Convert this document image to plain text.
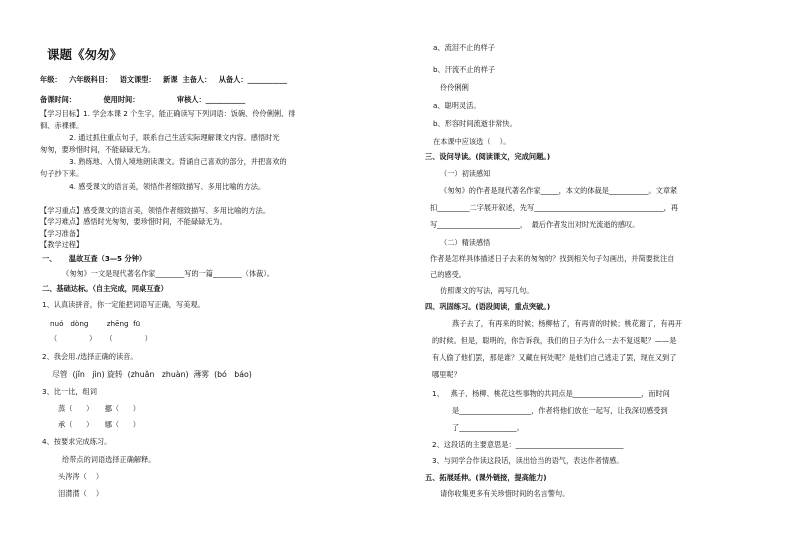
课题《匆匆》
年级：   六年级科目：   语文课型：   新课  主备人：   从备人：___________
备课时间：           使用时间：               审核人：___________
【学习目标】1. 学会本课 2 个生字，能正确读写下列词语：饭碗、伶伶俐俐、徘
徊、赤裸裸。
2. 通过抓住重点句子，联系自己生活实际理解课文内容。感悟时光
匆匆，要珍惜时间，不能碌碌无为。
3. 熟练地、入情入境地朗读课文。背诵自己喜欢的部分，并把喜欢的
句子抄下来。
4. 感受课文的语言美，领悟作者细致描写、多用比喻的方法。
【学习重点】感受课文的语言美，领悟作者细致描写、多用比喻的方法。
【学习难点】感悟时光匆匆，要珍惜时间，不能碌碌无为。
【学习准备】
【教学过程】
一、     温故互查（3—5 分钟）
《匆匆》一文是现代著名作家________写的一篇________（体裁）。
二、基础达标。（自主完成，同桌互查）
1、认真读拼音，你一定能把词语写正确，写美观。
nuó   dòng        zhēng  fū
（              ）    （              ）
2、我会用./选择正确的读音。
尽管  (jǐn   jìn) 旋转  (zhuǎn   zhuàn)  薄雾  (bó   báo)
3、比一比，组词
蒸（      ）     挪（      ）
承（      ）     娜（      ）
4、按要求完成练习。
给带点的词语选择正确解释。
头涔涔（    ）
泪潸潸（    ）
a、流泪不止的样子
b、汗流不止的样子
伶伶俐俐
a、聪明灵活。
b、形容时间流逝非常快。
在本课中应该选（    ）。
三、设问导读。(阅读课文，完成问题。)
（一）初读感知
《匆匆》的作者是现代著名作家_____，本文的体裁是___________。文章紧
扣_________二字展开叙述，先写____________________________________，再
写_______________________，  最后作者发出对时光流逝的感叹。
（二）精读感悟
作者是怎样具体描述日子去来的匆匆的？找到相关句子勾画出，并简要批注自
己的感受。
仿照课文的写法，再写几句。
四、巩固练习。(语段阅读，重点突破。)
燕子去了，有再来的时候；杨柳枯了，有再青的时候；桃花谢了，有再开
的时候。但是，聪明的，你告诉我，我们的日子为什么一去不复返呢？——是
有人偷了他们罢，那是谁？又藏在何处呢？是他们自己逃走了罢，现在又到了
哪里呢？
1、   燕子、杨柳、桃花这些事物的共同点是___________________，而时间
是____________________，作者将他们放在一起写，让我深切感受到
了________________。
2、这段话的主要意思是：______________________________
3、与同学合作读这段话，读出恰当的语气，表达作者情感。
五、拓展延伸。(课外链接，提高能力)
请你收集更多有关珍惜时间的名言警句。
